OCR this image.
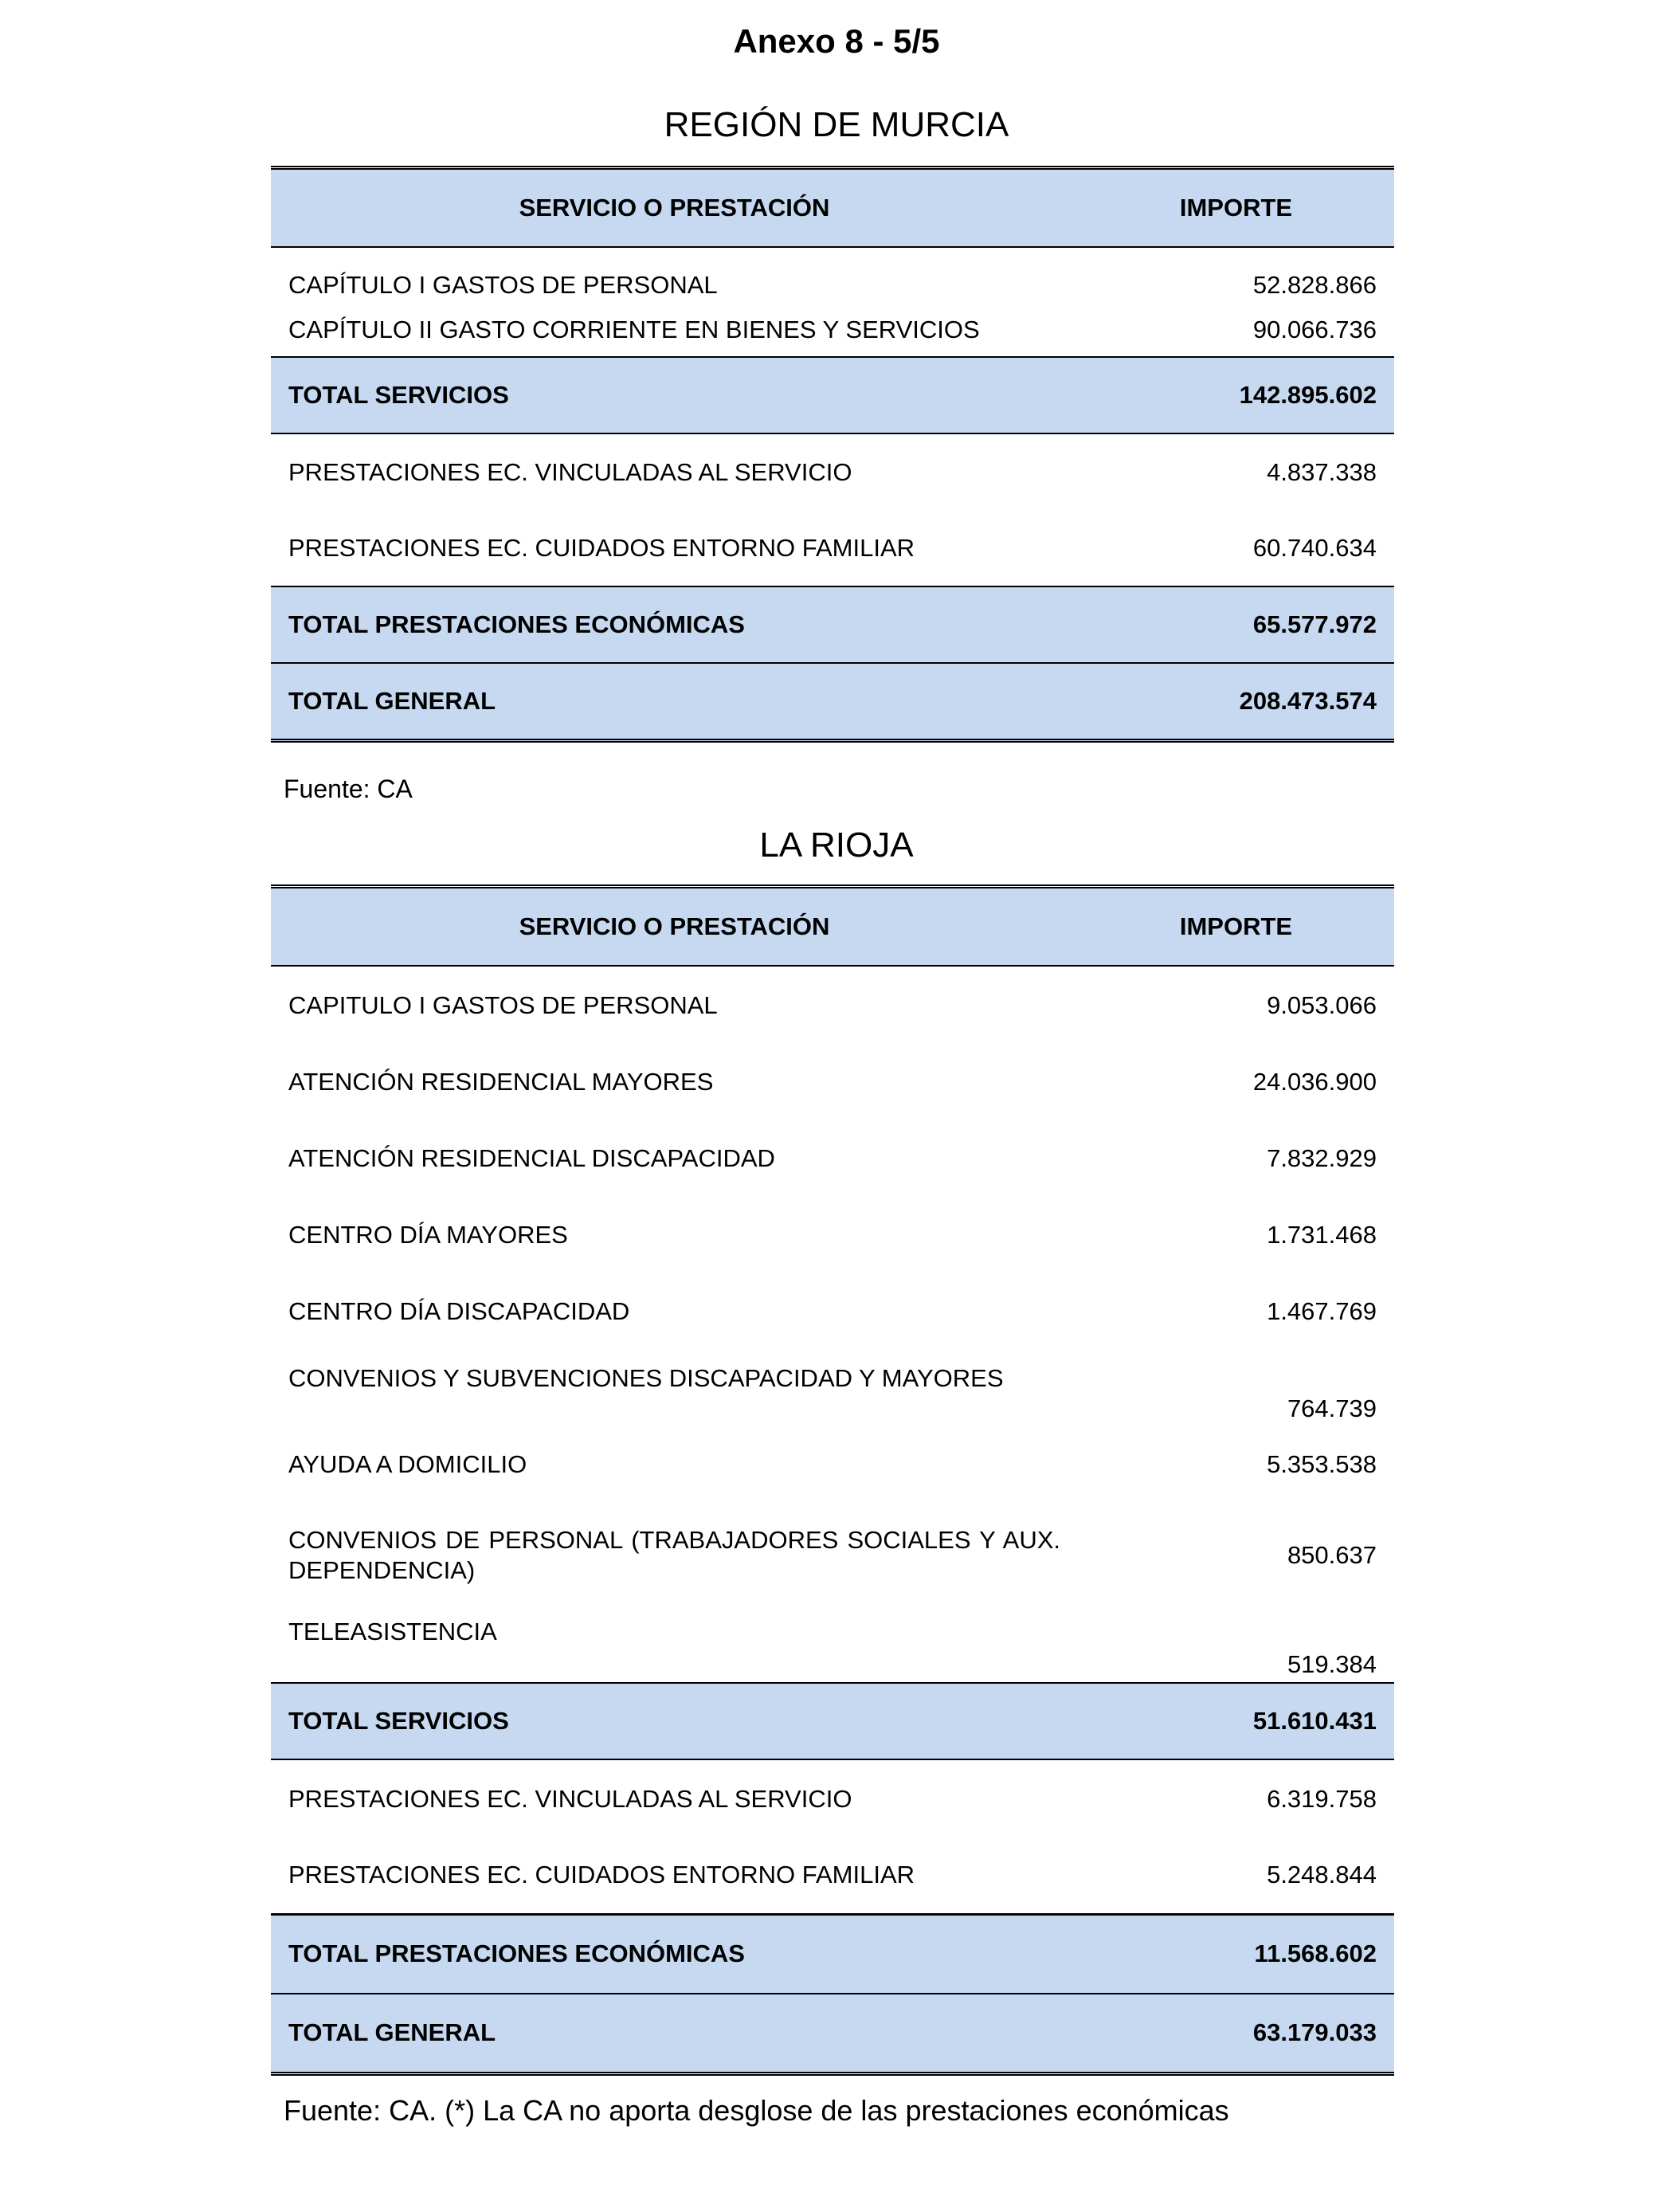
Anexo 8 - 5/5
REGIÓN DE MURCIA
SERVICIO O PRESTACIÓN	IMPORTE
CAPÍTULO I GASTOS DE PERSONAL	52.828.866
CAPÍTULO II GASTO CORRIENTE EN BIENES Y SERVICIOS	90.066.736
TOTAL SERVICIOS	142.895.602
PRESTACIONES EC. VINCULADAS AL SERVICIO	4.837.338
PRESTACIONES EC. CUIDADOS ENTORNO FAMILIAR	60.740.634
TOTAL PRESTACIONES ECONÓMICAS	65.577.972
TOTAL GENERAL	208.473.574
Fuente: CA
LA RIOJA
SERVICIO O PRESTACIÓN	IMPORTE
CAPITULO I GASTOS DE PERSONAL	9.053.066
ATENCIÓN RESIDENCIAL MAYORES	24.036.900
ATENCIÓN RESIDENCIAL DISCAPACIDAD	7.832.929
CENTRO DÍA MAYORES	1.731.468
CENTRO DÍA DISCAPACIDAD	1.467.769
CONVENIOS Y SUBVENCIONES DISCAPACIDAD Y MAYORES	764.739
AYUDA A DOMICILIO	5.353.538
CONVENIOS DE PERSONAL (TRABAJADORES SOCIALES Y AUX. DEPENDENCIA)	850.637
TELEASISTENCIA	519.384
TOTAL SERVICIOS	51.610.431
PRESTACIONES EC. VINCULADAS AL SERVICIO	6.319.758
PRESTACIONES EC. CUIDADOS ENTORNO FAMILIAR	5.248.844
TOTAL PRESTACIONES ECONÓMICAS	11.568.602
TOTAL GENERAL	63.179.033
Fuente: CA. (*) La CA no aporta desglose de las prestaciones económicas
